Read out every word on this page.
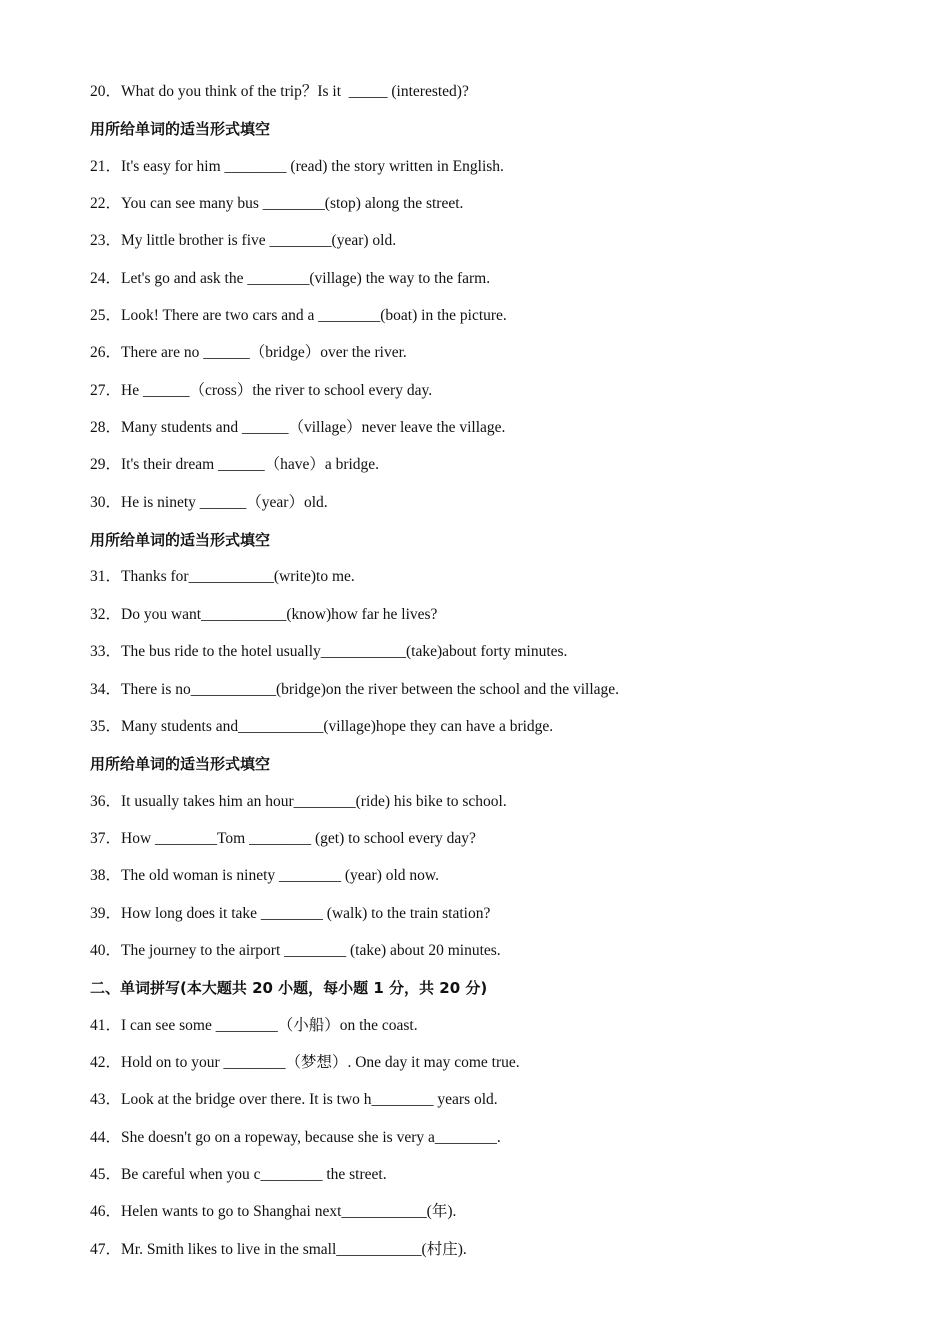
20．What do you think of the trip？Is it  _____ (interested)?
用所给单词的适当形式填空
21．It's easy for him ________ (read) the story written in English.
22．You can see many bus ________(stop) along the street.
23．My little brother is five ________(year) old.
24．Let's go and ask the ________(village) the way to the farm.
25．Look! There are two cars and a ________(boat) in the picture.
26．There are no ______（bridge）over the river.
27．He ______（cross）the river to school every day.
28．Many students and ______（village）never leave the village.
29．It's their dream ______（have）a bridge.
30．He is ninety ______（year）old.
用所给单词的适当形式填空
31．Thanks for___________(write)to me.
32．Do you want___________(know)how far he lives?
33．The bus ride to the hotel usually___________(take)about forty minutes.
34．There is no___________(bridge)on the river between the school and the village.
35．Many students and___________(village)hope they can have a bridge.
用所给单词的适当形式填空
36．It usually takes him an hour________(ride) his bike to school.
37．How ________Tom ________ (get) to school every day?
38．The old woman is ninety ________ (year) old now.
39．How long does it take ________ (walk) to the train station?
40．The journey to the airport ________ (take) about 20 minutes.
二、单词拼写(本大题共 20 小题，每小题 1 分，共 20 分)
41．I can see some ________（小船）on the coast.
42．Hold on to your ________（梦想）. One day it may come true.
43．Look at the bridge over there. It is two h________ years old.
44．She doesn't go on a ropeway, because she is very a________.
45．Be careful when you c________ the street.
46．Helen wants to go to Shanghai next___________(年).
47．Mr. Smith likes to live in the small___________(村庄).
